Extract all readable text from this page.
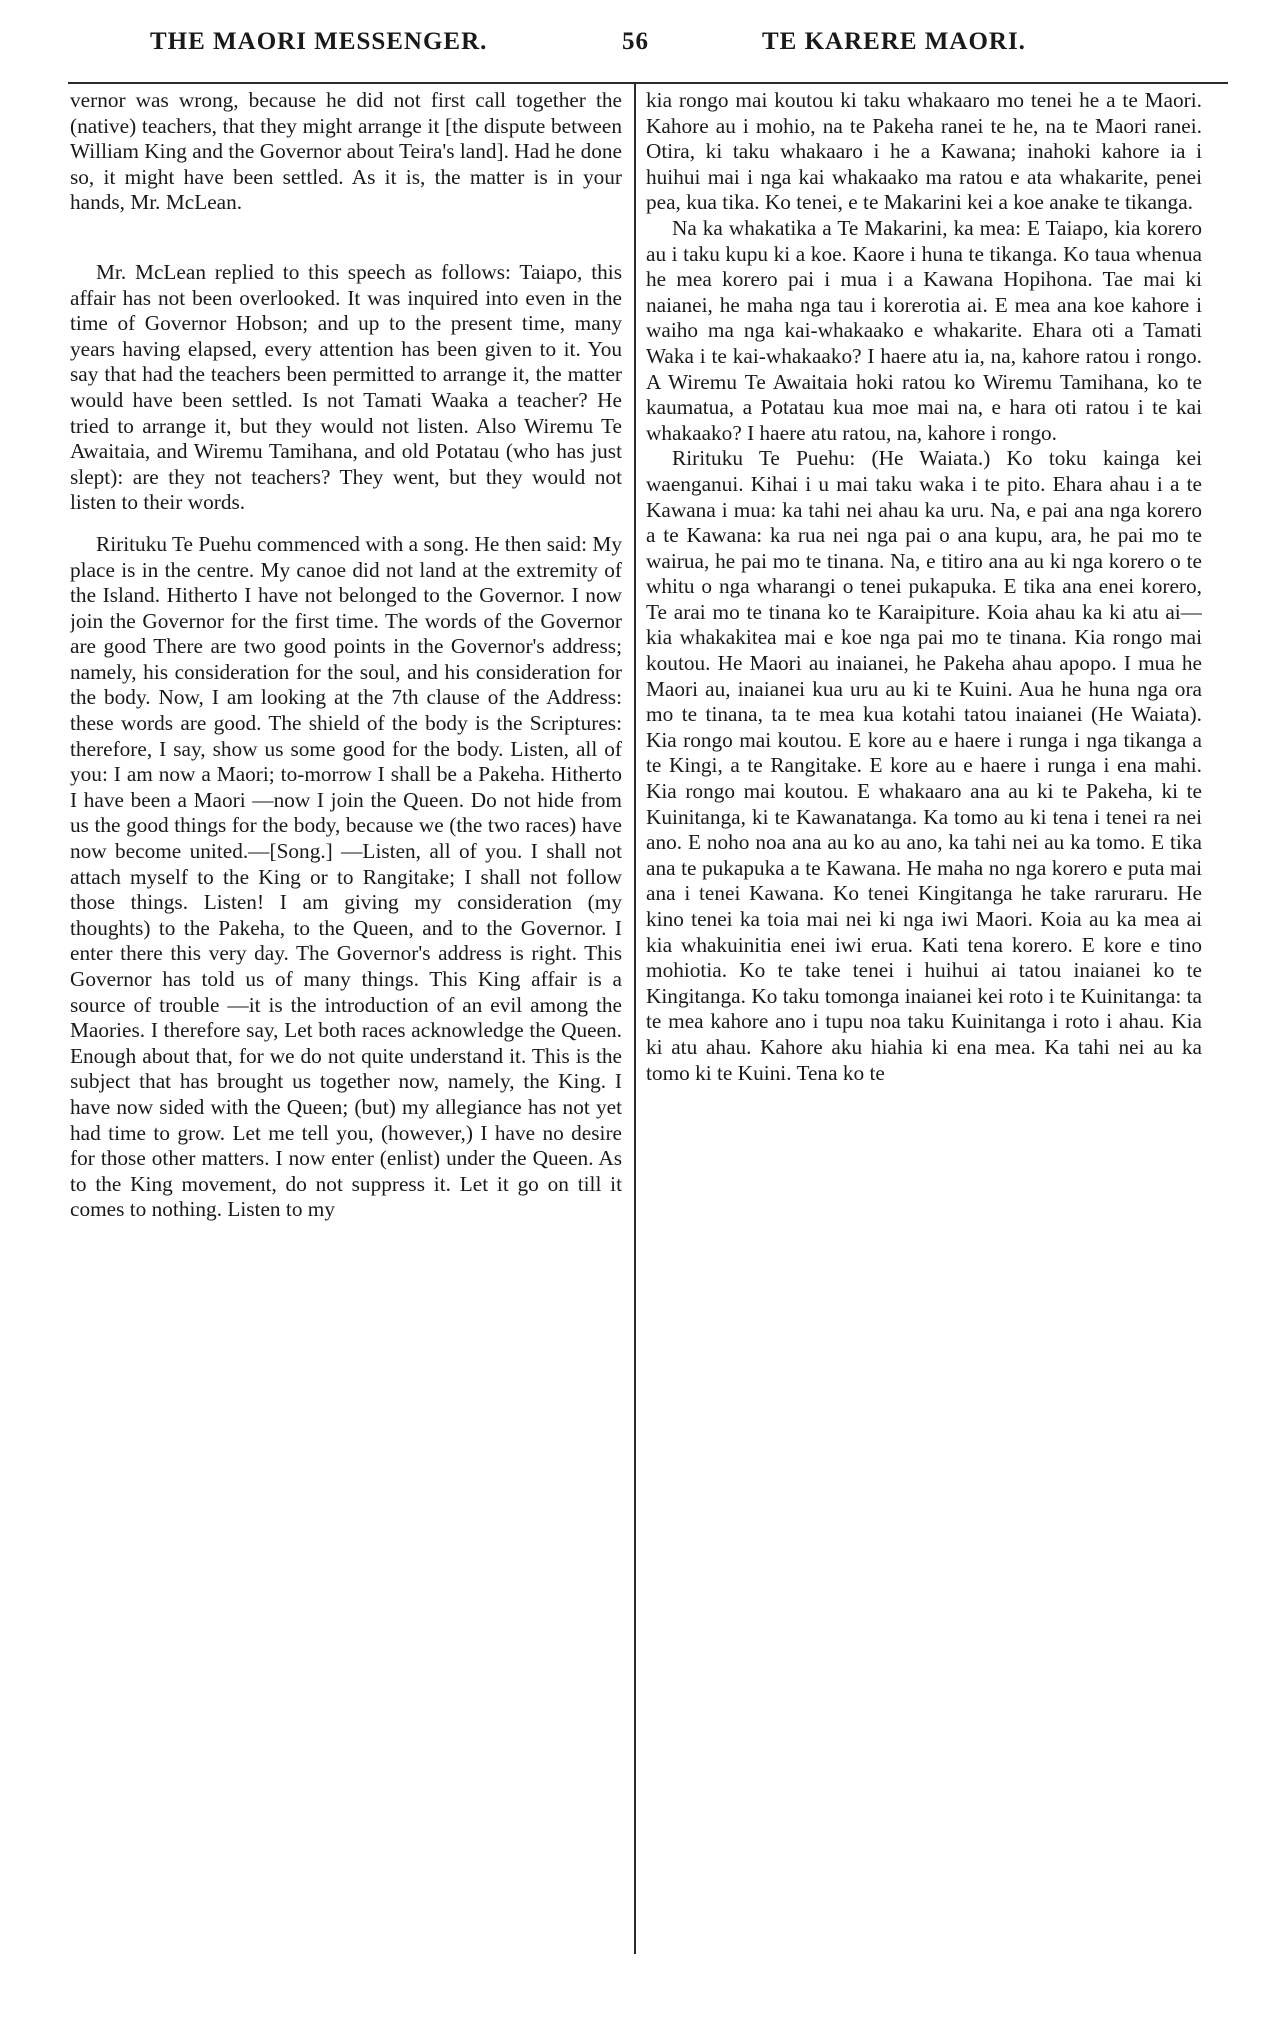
THE MAORI MESSENGER.	56	TE KARERE MAORI.

vernor was wrong, because he did not first call together the (native) teachers, that they might arrange it [the dispute between William King and the Governor about Teira's land]. Had he done so, it might have been settled. As it is, the matter is in your hands, Mr. McLean.

Mr. McLean replied to this speech as follows: Taiapo, this affair has not been overlooked. It was inquired into even in the time of Governor Hobson; and up to the present time, many years having elapsed, every attention has been given to it. You say that had the teachers been permitted to arrange it, the matter would have been settled. Is not Tamati Waaka a teacher? He tried to arrange it, but they would not listen. Also Wiremu Te Awaitaia, and Wiremu Tamihana, and old Potatau (who has just slept): are they not teachers? They went, but they would not listen to their words.

Rirituku Te Puehu commenced with a song. He then said: My place is in the centre. My canoe did not land at the extremity of the Island. Hitherto I have not belonged to the Governor. I now join the Governor for the first time. The words of the Governor are good There are two good points in the Governor's address; namely, his consideration for the soul, and his consideration for the body. Now, I am looking at the 7th clause of the Address: these words are good. The shield of the body is the Scriptures: therefore, I say, show us some good for the body. Listen, all of you: I am now a Maori; to-morrow I shall be a Pakeha. Hitherto I have been a Maori —now I join the Queen. Do not hide from us the good things for the body, because we (the two races) have now become united.—[Song.] —Listen, all of you. I shall not attach myself to the King or to Rangitake; I shall not follow those things. Listen! I am giving my consideration (my thoughts) to the Pakeha, to the Queen, and to the Governor. I enter there this very day. The Governor's address is right. This Governor has told us of many things. This King affair is a source of trouble —it is the introduction of an evil among the Maories. I therefore say, Let both races acknowledge the Queen. Enough about that, for we do not quite understand it. This is the subject that has brought us together now, namely, the King. I have now sided with the Queen; (but) my allegiance has not yet had time to grow. Let me tell you, (however,) I have no desire for those other matters. I now enter (enlist) under the Queen. As to the King movement, do not suppress it. Let it go on till it comes to nothing. Listen to my

kia rongo mai koutou ki taku whakaaro mo tenei he a te Maori. Kahore au i mohio, na te Pakeha ranei te he, na te Maori ranei. Otira, ki taku whakaaro i he a Kawana; inahoki kahore ia i huihui mai i nga kai whakaako ma ratou e ata whakarite, penei pea, kua tika. Ko tenei, e te Makarini kei a koe anake te tikanga.

Na ka whakatika a Te Makarini, ka mea: E Taiapo, kia korero au i taku kupu ki a koe. Kaore i huna te tikanga. Ko taua whenua he mea korero pai i mua i a Kawana Hopihona. Tae mai ki naianei, he maha nga tau i korerotia ai. E mea ana koe kahore i waiho ma nga kai-whakaako e whakarite. Ehara oti a Tamati Waka i te kai-whakaako? I haere atu ia, na, kahore ratou i rongo. A Wiremu Te Awaitaia hoki ratou ko Wiremu Tamihana, ko te kaumatua, a Potatau kua moe mai na, e hara oti ratou i te kai whakaako? I haere atu ratou, na, kahore i rongo.

Rirituku Te Puehu: (He Waiata.) Ko toku kainga kei waenganui. Kihai i u mai taku waka i te pito. Ehara ahau i a te Kawana i mua: ka tahi nei ahau ka uru. Na, e pai ana nga korero a te Kawana: ka rua nei nga pai o ana kupu, ara, he pai mo te wairua, he pai mo te tinana. Na, e titiro ana au ki nga korero o te whitu o nga wharangi o tenei pukapuka. E tika ana enei korero, Te arai mo te tinana ko te Karaipiture. Koia ahau ka ki atu ai—kia whakakitea mai e koe nga pai mo te tinana. Kia rongo mai koutou. He Maori au inaianei, he Pakeha ahau apopo. I mua he Maori au, inaianei kua uru au ki te Kuini. Aua he huna nga ora mo te tinana, ta te mea kua kotahi tatou inaianei (He Waiata). Kia rongo mai koutou. E kore au e haere i runga i nga tikanga a te Kingi, a te Rangitake. E kore au e haere i runga i ena mahi. Kia rongo mai koutou. E whakaaro ana au ki te Pakeha, ki te Kuinitanga, ki te Kawanatanga. Ka tomo au ki tena i tenei ra nei ano. E noho noa ana au ko au ano, ka tahi nei au ka tomo. E tika ana te pukapuka a te Kawana. He maha no nga korero e puta mai ana i tenei Kawana. Ko tenei Kingitanga he take raruraru. He kino tenei ka toia mai nei ki nga iwi Maori. Koia au ka mea ai kia whakuinitia enei iwi erua. Kati tena korero. E kore e tino mohiotia. Ko te take tenei i huihui ai tatou inaianei ko te Kingitanga. Ko taku tomonga inaianei kei roto i te Kuinitanga: ta te mea kahore ano i tupu noa taku Kuinitanga i roto i ahau. Kia ki atu ahau. Kahore aku hiahia ki ena mea. Ka tahi nei au ka tomo ki te Kuini. Tena ko te
